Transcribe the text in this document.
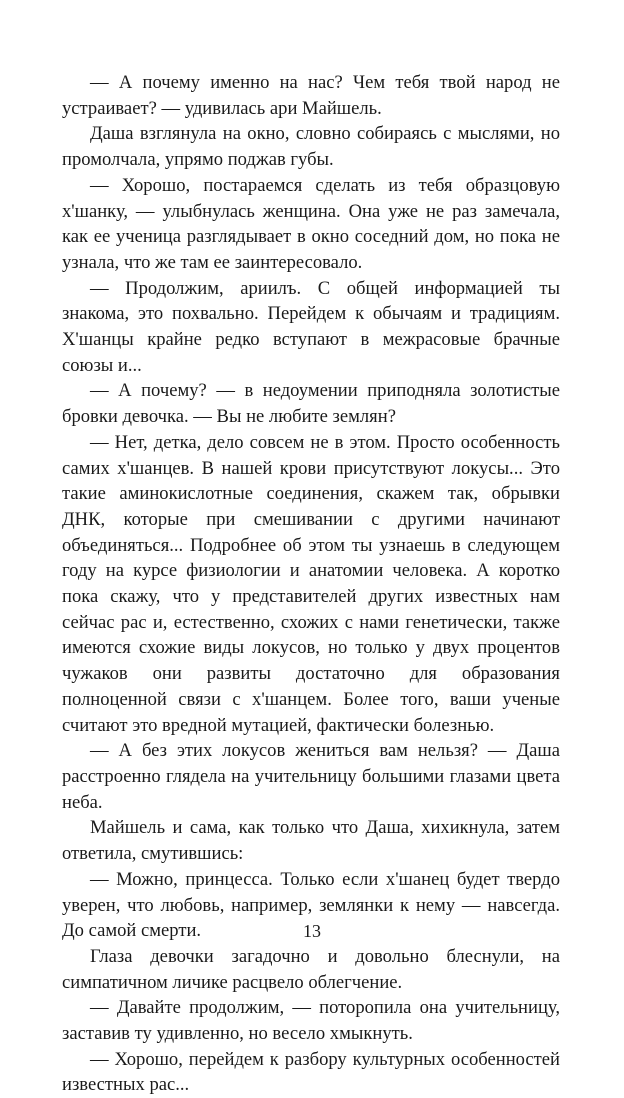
— А почему именно на нас? Чем тебя твой народ не устраивает? — удивилась ари Майшель.

Даша взглянула на окно, словно собираясь с мыслями, но промолчала, упрямо поджав губы.

— Хорошо, постараемся сделать из тебя образцовую х'шанку, — улыбнулась женщина. Она уже не раз замечала, как ее ученица разглядывает в окно соседний дом, но пока не узнала, что же там ее заинтересовало.

— Продолжим, ариилъ. С общей информацией ты знакома, это похвально. Перейдем к обычаям и традициям. Х'шанцы крайне редко вступают в межрасовые брачные союзы и...

— А почему? — в недоумении приподняла золотистые бровки девочка. — Вы не любите землян?

— Нет, детка, дело совсем не в этом. Просто особенность самих х'шанцев. В нашей крови присутствуют локусы... Это такие аминокислотные соединения, скажем так, обрывки ДНК, которые при смешивании с другими начинают объединяться... Подробнее об этом ты узнаешь в следующем году на курсе физиологии и анатомии человека. А коротко пока скажу, что у представителей других известных нам сейчас рас и, естественно, схожих с нами генетически, также имеются схожие виды локусов, но только у двух процентов чужаков они развиты достаточно для образования полноценной связи с х'шанцем. Более того, ваши ученые считают это вредной мутацией, фактически болезнью.

— А без этих локусов жениться вам нельзя? — Даша расстроенно глядела на учительницу большими глазами цвета неба.

Майшель и сама, как только что Даша, хихикнула, затем ответила, смутившись:

— Можно, принцесса. Только если х'шанец будет твердо уверен, что любовь, например, землянки к нему — навсегда. До самой смерти.

Глаза девочки загадочно и довольно блеснули, на симпатичном личике расцвело облегчение.

— Давайте продолжим, — поторопила она учительницу, заставив ту удивленно, но весело хмыкнуть.

— Хорошо, перейдем к разбору культурных особенностей известных рас...

13
